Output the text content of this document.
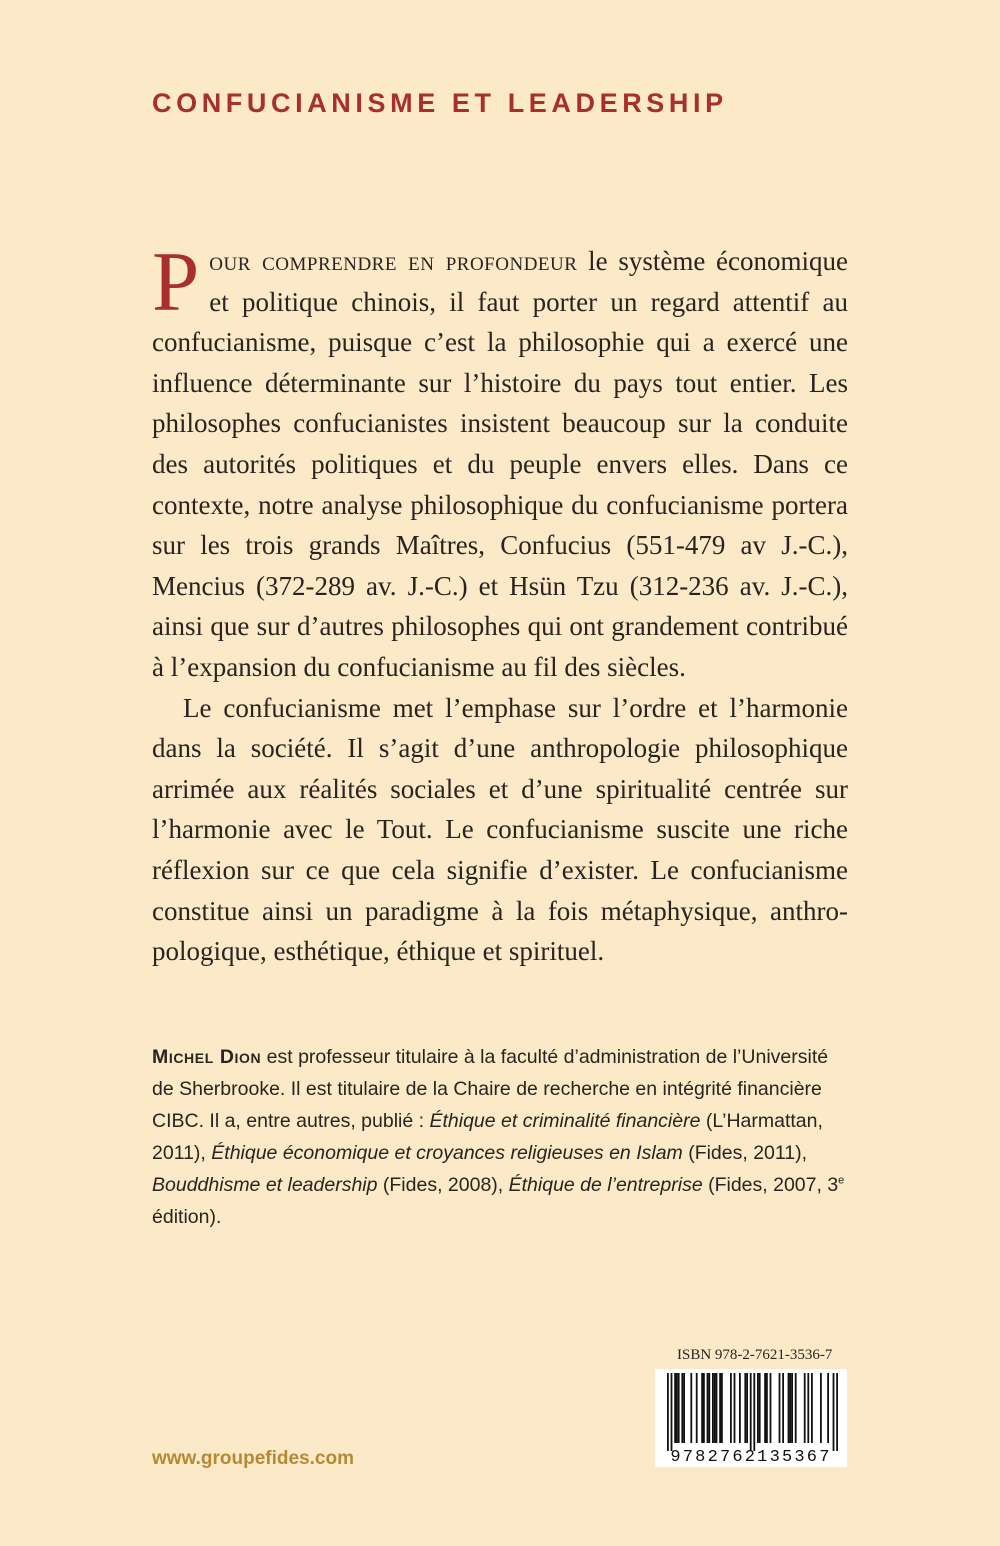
CONFUCIANISME ET LEADERSHIP

Pour comprendre en profondeur le système économique et politique chinois, il faut porter un regard attentif au confucianisme, puisque c’est la philosophie qui a exercé une influence déterminante sur l’histoire du pays tout entier. Les philosophes confucianistes insistent beaucoup sur la conduite des autorités politiques et du peuple envers elles. Dans ce contexte, notre analyse philosophique du confucianisme portera sur les trois grands Maîtres, Confucius (551-479 av J.-C.), Mencius (372-289 av. J.-C.) et Hsün Tzu (312-236 av. J.-C.), ainsi que sur d’autres philosophes qui ont grandement contribué à l’expansion du confucianisme au fil des siècles.

Le confucianisme met l’emphase sur l’ordre et l’harmonie dans la société. Il s’agit d’une anthropologie philosophique arrimée aux réalités sociales et d’une spiritualité centrée sur l’harmonie avec le Tout. Le confucianisme suscite une riche réflexion sur ce que cela signifie d’exister. Le confucianisme constitue ainsi un paradigme à la fois métaphysique, anthropologique, esthétique, éthique et spirituel.

Michel Dion est professeur titulaire à la faculté d’administration de l’Université de Sherbrooke. Il est titulaire de la Chaire de recherche en intégrité financière CIBC. Il a, entre autres, publié : Éthique et criminalité financière (L’Harmattan, 2011), Éthique économique et croyances religieuses en Islam (Fides, 2011), Bouddhisme et leadership (Fides, 2008), Éthique de l’entreprise (Fides, 2007, 3e édition).

ISBN 978-2-7621-3536-7
9782762135367
www.groupefides.com
